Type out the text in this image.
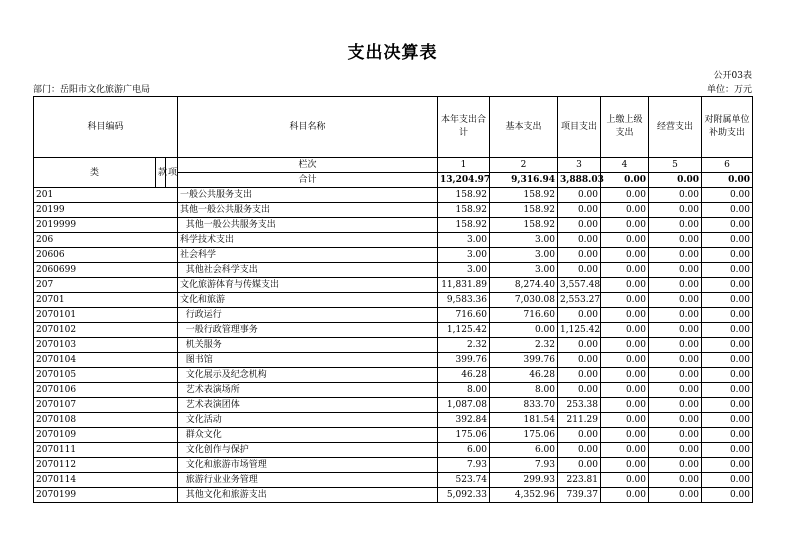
支出决算表
公开03表
部门：岳阳市文化旅游广电局	单位：万元
科目编码			科目名称	本年支出合计	基本支出	项目支出	上缴上级支出	经营支出	对附属单位补助支出
类	款	项	栏次	1	2	3	4	5	6
			合计	13,204.97	9,316.94	3,888.03	0.00	0.00	0.00
201			一般公共服务支出	158.92	158.92	0.00	0.00	0.00	0.00
20199			其他一般公共服务支出	158.92	158.92	0.00	0.00	0.00	0.00
2019999			其他一般公共服务支出	158.92	158.92	0.00	0.00	0.00	0.00
206			科学技术支出	3.00	3.00	0.00	0.00	0.00	0.00
20606			社会科学	3.00	3.00	0.00	0.00	0.00	0.00
2060699			其他社会科学支出	3.00	3.00	0.00	0.00	0.00	0.00
207			文化旅游体育与传媒支出	11,831.89	8,274.40	3,557.48	0.00	0.00	0.00
20701			文化和旅游	9,583.36	7,030.08	2,553.27	0.00	0.00	0.00
2070101			行政运行	716.60	716.60	0.00	0.00	0.00	0.00
2070102			一般行政管理事务	1,125.42	0.00	1,125.42	0.00	0.00	0.00
2070103			机关服务	2.32	2.32	0.00	0.00	0.00	0.00
2070104			图书馆	399.76	399.76	0.00	0.00	0.00	0.00
2070105			文化展示及纪念机构	46.28	46.28	0.00	0.00	0.00	0.00
2070106			艺术表演场所	8.00	8.00	0.00	0.00	0.00	0.00
2070107			艺术表演团体	1,087.08	833.70	253.38	0.00	0.00	0.00
2070108			文化活动	392.84	181.54	211.29	0.00	0.00	0.00
2070109			群众文化	175.06	175.06	0.00	0.00	0.00	0.00
2070111			文化创作与保护	6.00	6.00	0.00	0.00	0.00	0.00
2070112			文化和旅游市场管理	7.93	7.93	0.00	0.00	0.00	0.00
2070114			旅游行业业务管理	523.74	299.93	223.81	0.00	0.00	0.00
2070199			其他文化和旅游支出	5,092.33	4,352.96	739.37	0.00	0.00	0.00
